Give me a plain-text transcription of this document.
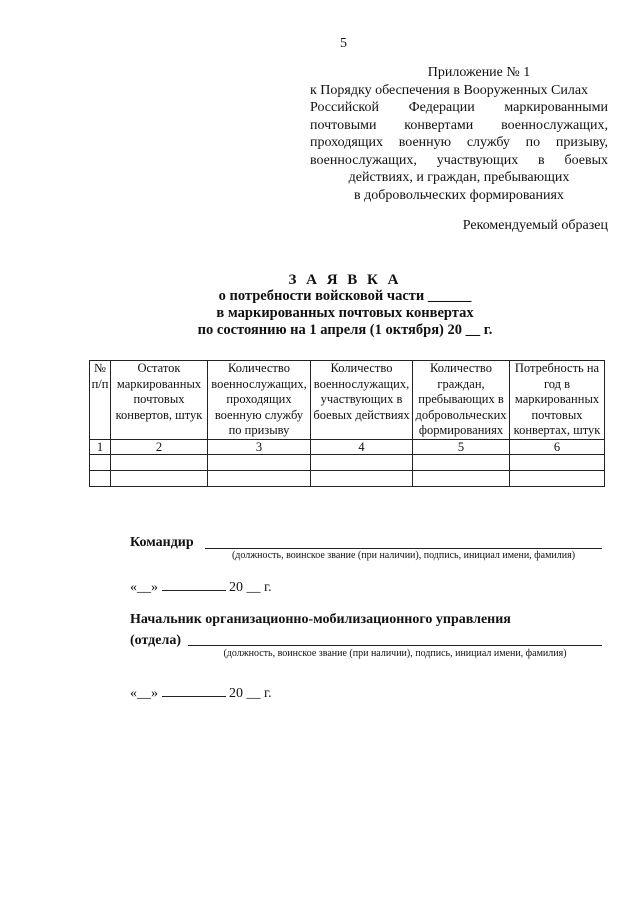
5
Приложение № 1
к Порядку обеспечения в Вооруженных Силах
Российской Федерации маркированными
почтовыми конвертами военнослужащих,
проходящих военную службу по призыву,
военнослужащих, участвующих в боевых
действиях, и граждан, пребывающих
в добровольческих формированиях
Рекомендуемый образец
З А Я В К А
о потребности войсковой части ______
в маркированных почтовых конвертах
по состоянию на 1 апреля (1 октября) 20 __ г.
№ п/п	Остаток маркированных почтовых конвертов, штук	Количество военнослужащих, проходящих военную службу по призыву	Количество военнослужащих, участвующих в боевых действиях	Количество граждан, пребывающих в добровольческих формированиях	Потребность на год в маркированных почтовых конвертах, штук
1	2	3	4	5	6

Командир
(должность, воинское звание (при наличии), подпись, инициал имени, фамилия)
«__»	20 __ г.
Начальник организационно-мобилизационного управления
(отдела)
(должность, воинское звание (при наличии), подпись, инициал имени, фамилия)
«__»	20 __ г.
